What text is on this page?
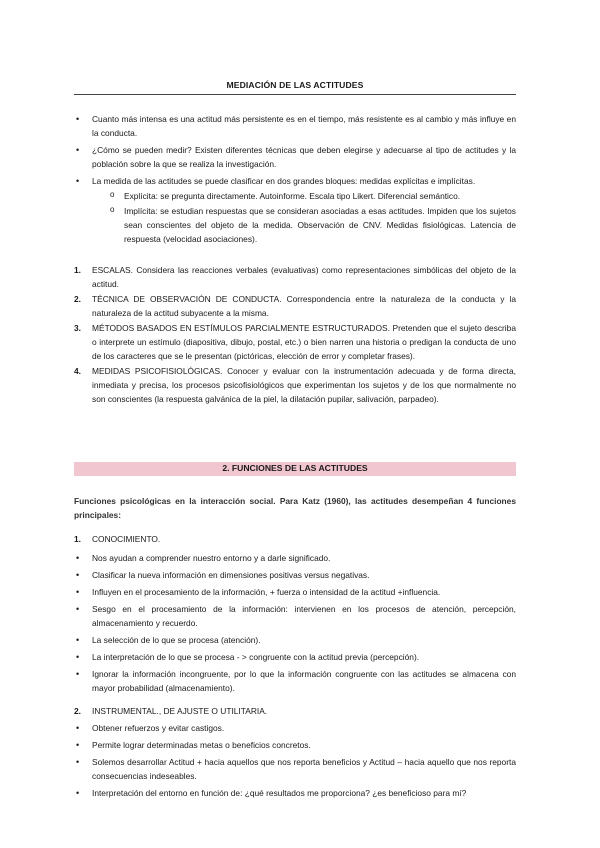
MEDIACIÓN DE LAS ACTITUDES
• Cuanto más intensa es una actitud más persistente es en el tiempo, más resistente es al cambio y más influye en la conducta.
• ¿Cómo se pueden medir? Existen diferentes técnicas que deben elegirse y adecuarse al tipo de actitudes y la población sobre la que se realiza la investigación.
• La medida de las actitudes se puede clasificar en dos grandes bloques: medidas explícitas e implícitas.
o Explícita: se pregunta directamente. Autoinforme. Escala tipo Likert. Diferencial semántico.
o Implícita: se estudian respuestas que se consideran asociadas a esas actitudes. Impiden que los sujetos sean conscientes del objeto de la medida. Observación de CNV. Medidas fisiológicas. Latencia de respuesta (velocidad asociaciones).
1. ESCALAS. Considera las reacciones verbales (evaluativas) como representaciones simbólicas del objeto de la actitud.
2. TÉCNICA DE OBSERVACIÓN DE CONDUCTA. Correspondencia entre la naturaleza de la conducta y la naturaleza de la actitud subyacente a la misma.
3. MÉTODOS BASADOS EN ESTÍMULOS PARCIALMENTE ESTRUCTURADOS. Pretenden que el sujeto describa o interprete un estímulo (diapositiva, dibujo, postal, etc.) o bien narren una historia o predigan la conducta de uno de los caracteres que se le presentan (pictóricas, elección de error y completar frases).
4. MEDIDAS PSICOFISIOLÓGICAS. Conocer y evaluar con la instrumentación adecuada y de forma directa, inmediata y precisa, los procesos psicofisiológicos que experimentan los sujetos y de los que normalmente no son conscientes (la respuesta galvánica de la piel, la dilatación pupilar, salivación, parpadeo).
2. FUNCIONES DE LAS ACTITUDES
Funciones psicológicas en la interacción social. Para Katz (1960), las actitudes desempeñan 4 funciones principales:
1. CONOCIMIENTO.
• Nos ayudan a comprender nuestro entorno y a darle significado.
• Clasificar la nueva información en dimensiones positivas versus negativas.
• Influyen en el procesamiento de la información, + fuerza o intensidad de la actitud +influencia.
• Sesgo en el procesamiento de la información: intervienen en los procesos de atención, percepción, almacenamiento y recuerdo.
• La selección de lo que se procesa (atención).
• La interpretación de lo que se procesa - > congruente con la actitud previa (percepción).
• Ignorar la información incongruente, por lo que la información congruente con las actitudes se almacena con mayor probabilidad (almacenamiento).
2. INSTRUMENTAL., DE AJUSTE O UTILITARIA.
• Obtener refuerzos y evitar castigos.
• Permite lograr determinadas metas o beneficios concretos.
• Solemos desarrollar Actitud + hacia aquellos que nos reporta beneficios y Actitud – hacia aquello que nos reporta consecuencias indeseables.
• Interpretación del entorno en función de: ¿qué resultados me proporciona? ¿es beneficioso para mí?
